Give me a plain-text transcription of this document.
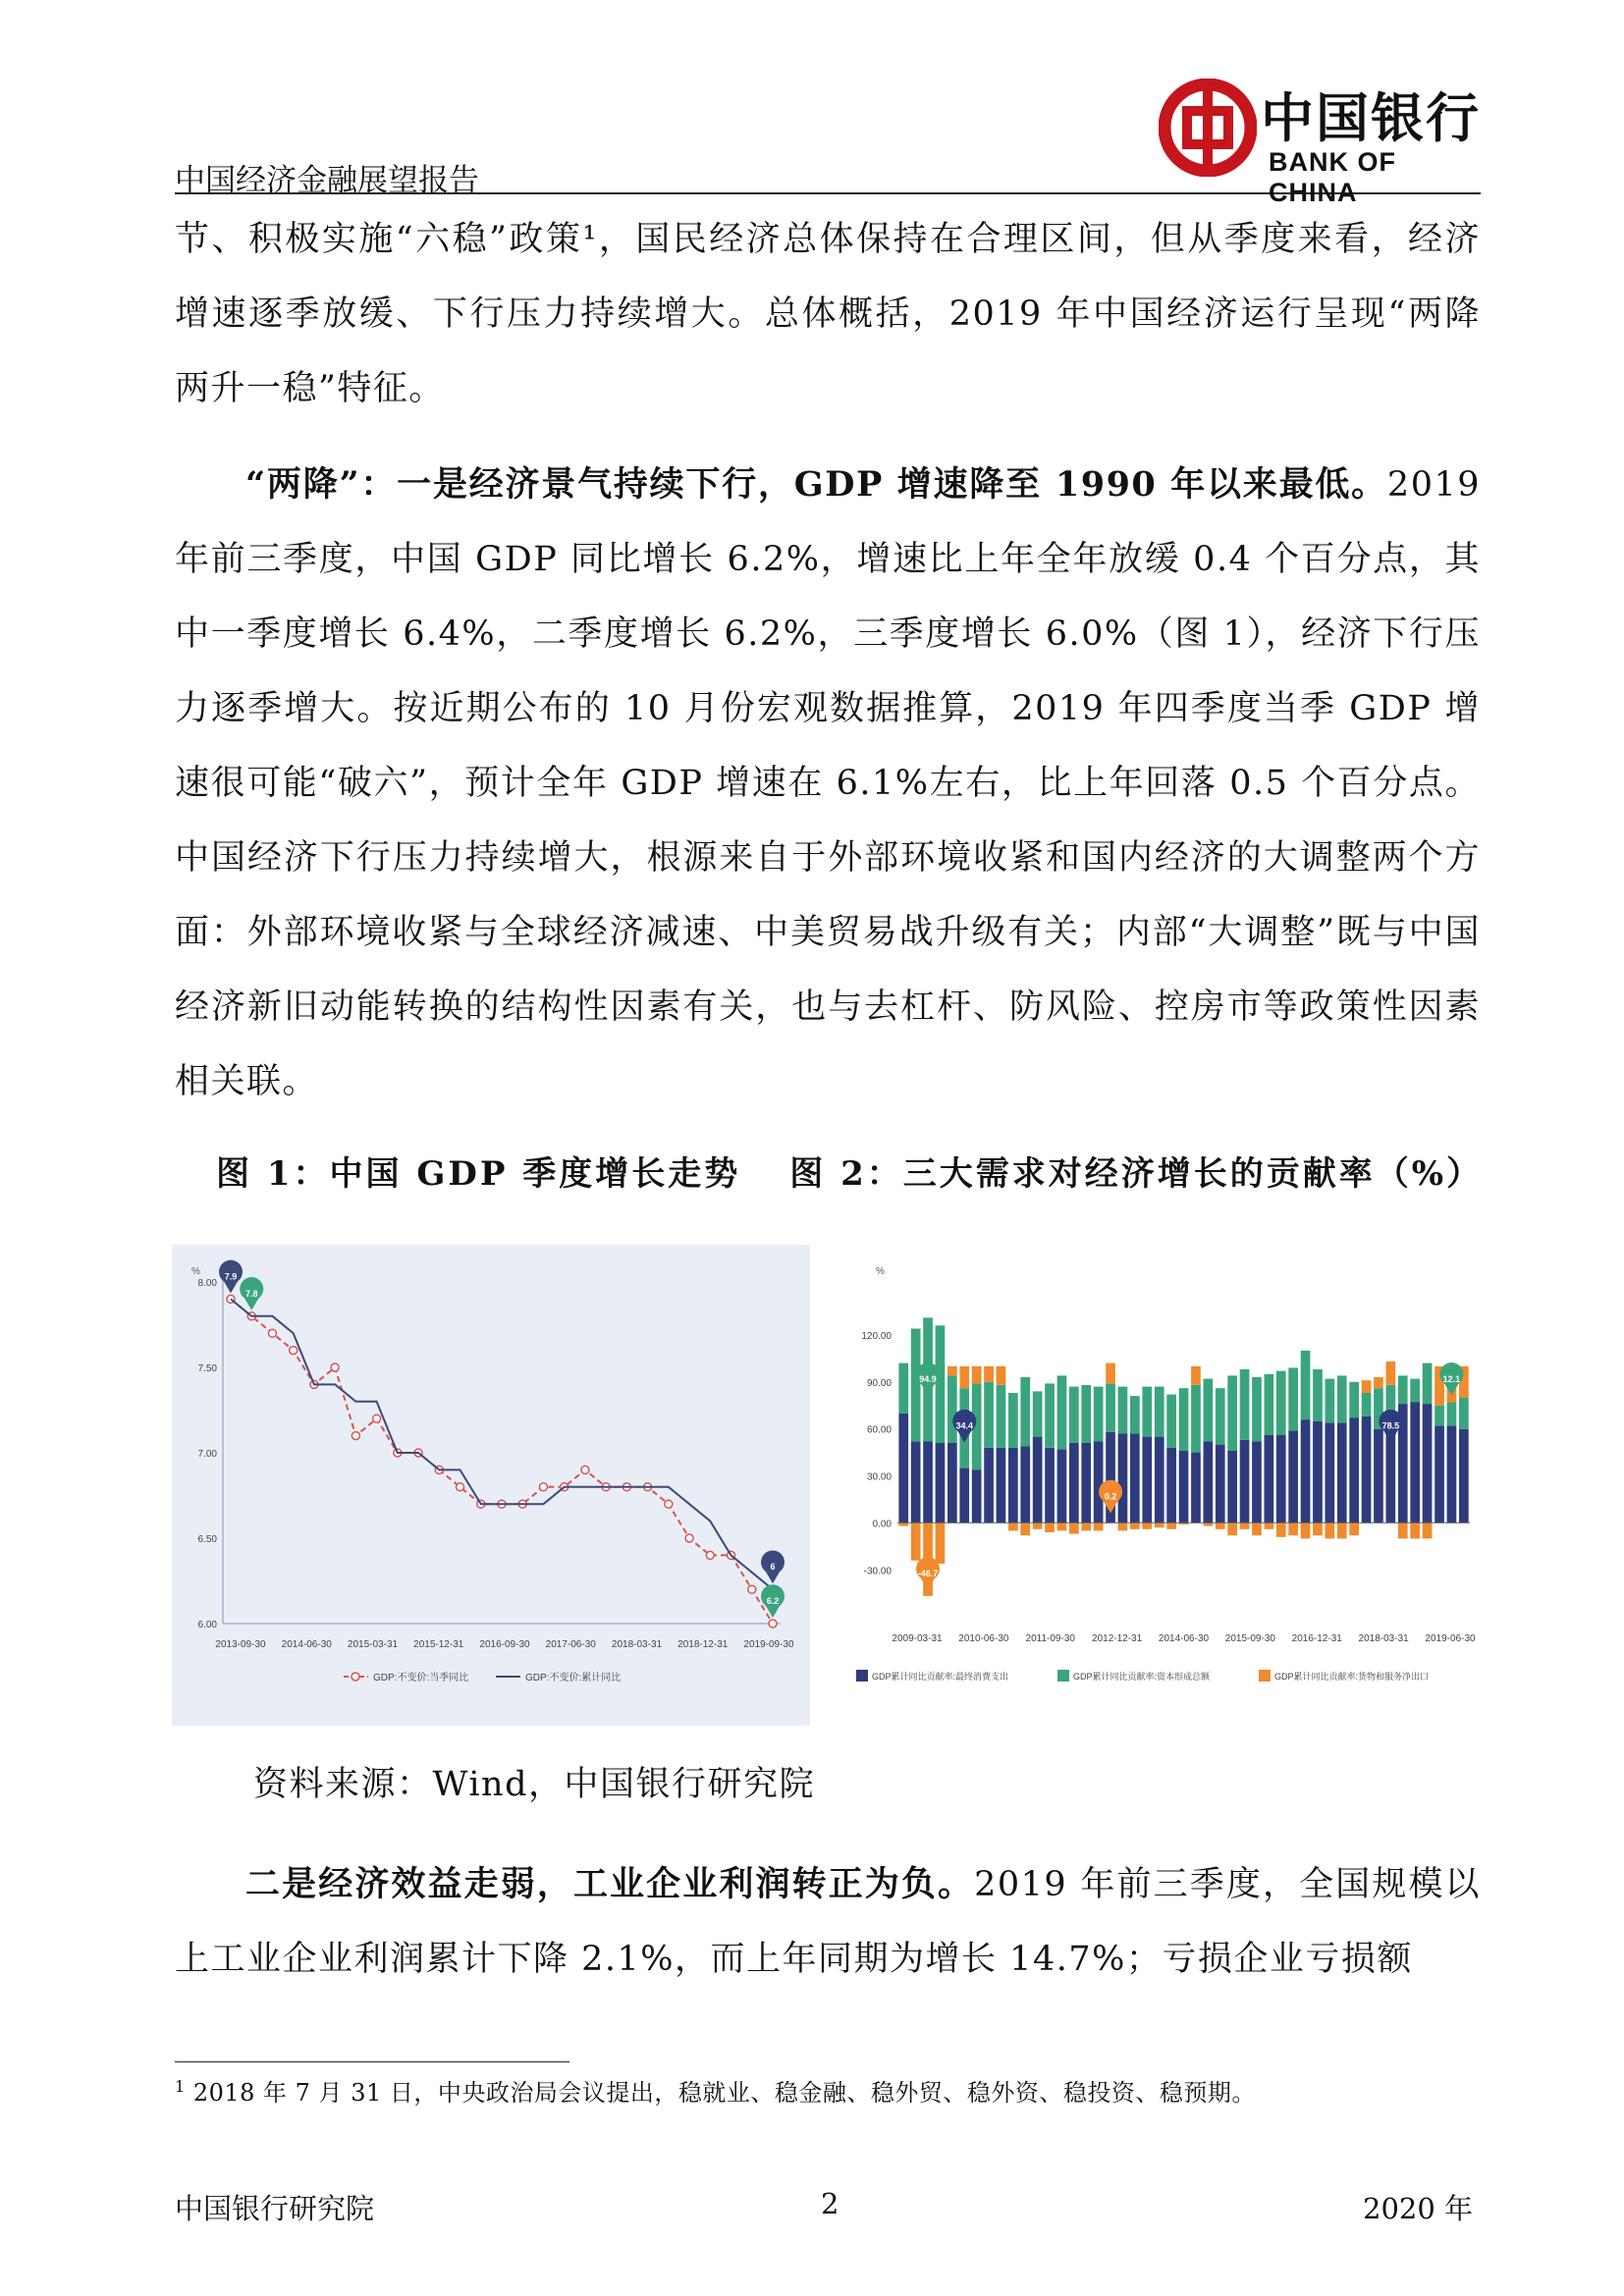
中国经济金融展望报告
中国银行
BANK OF CHINA
节、积极实施“六稳”政策¹，国民经济总体保持在合理区间，但从季度来看，经济增速逐季放缓、下行压力持续增大。总体概括，2019 年中国经济运行呈现“两降两升一稳”特征。
“两降”：一是经济景气持续下行，GDP 增速降至 1990 年以来最低。2019 年前三季度，中国 GDP 同比增长 6.2%，增速比上年全年放缓 0.4 个百分点，其中一季度增长 6.4%，二季度增长 6.2%，三季度增长 6.0%（图 1），经济下行压力逐季增大。按近期公布的 10 月份宏观数据推算，2019 年四季度当季 GDP 增速很可能“破六”，预计全年 GDP 增速在 6.1%左右，比上年回落 0.5 个百分点。中国经济下行压力持续增大，根源来自于外部环境收紧和国内经济的大调整两个方面：外部环境收紧与全球经济减速、中美贸易战升级有关；内部“大调整”既与中国经济新旧动能转换的结构性因素有关，也与去杠杆、防风险、控房市等政策性因素相关联。
图 1：中国 GDP 季度增长走势 图 2：三大需求对经济增长的贡献率（%）
%
8.00
7.50
7.00
6.50
6.00
2013-09-30 2014-06-30 2015-03-31 2015-12-31 2016-09-30 2017-06-30 2018-03-31 2018-12-31 2019-09-30
7.9
7.8
6.2
6
GDP:不变价:当季同比	GDP:不变价:累计同比
%
120.00
90.00
60.00
30.00
0.00
-30.00
2009-03-31 2010-06-30 2011-09-30 2012-12-31 2014-06-30 2015-09-30 2016-12-31 2018-03-31 2019-06-30
94.9
34.4
-46.7
0.2
78.5
12.1
GDP累计同比贡献率:最终消费支出	GDP累计同比贡献率:资本形成总额	GDP累计同比贡献率:货物和服务净出口
资料来源：Wind，中国银行研究院
二是经济效益走弱，工业企业利润转正为负。2019 年前三季度，全国规模以上工业企业利润累计下降 2.1%，而上年同期为增长 14.7%；亏损企业亏损额
$^1$ 2018 年 7 月 31 日，中央政治局会议提出，稳就业、稳金融、稳外贸、稳外资、稳投资、稳预期。
中国银行研究院	2	2020 年
